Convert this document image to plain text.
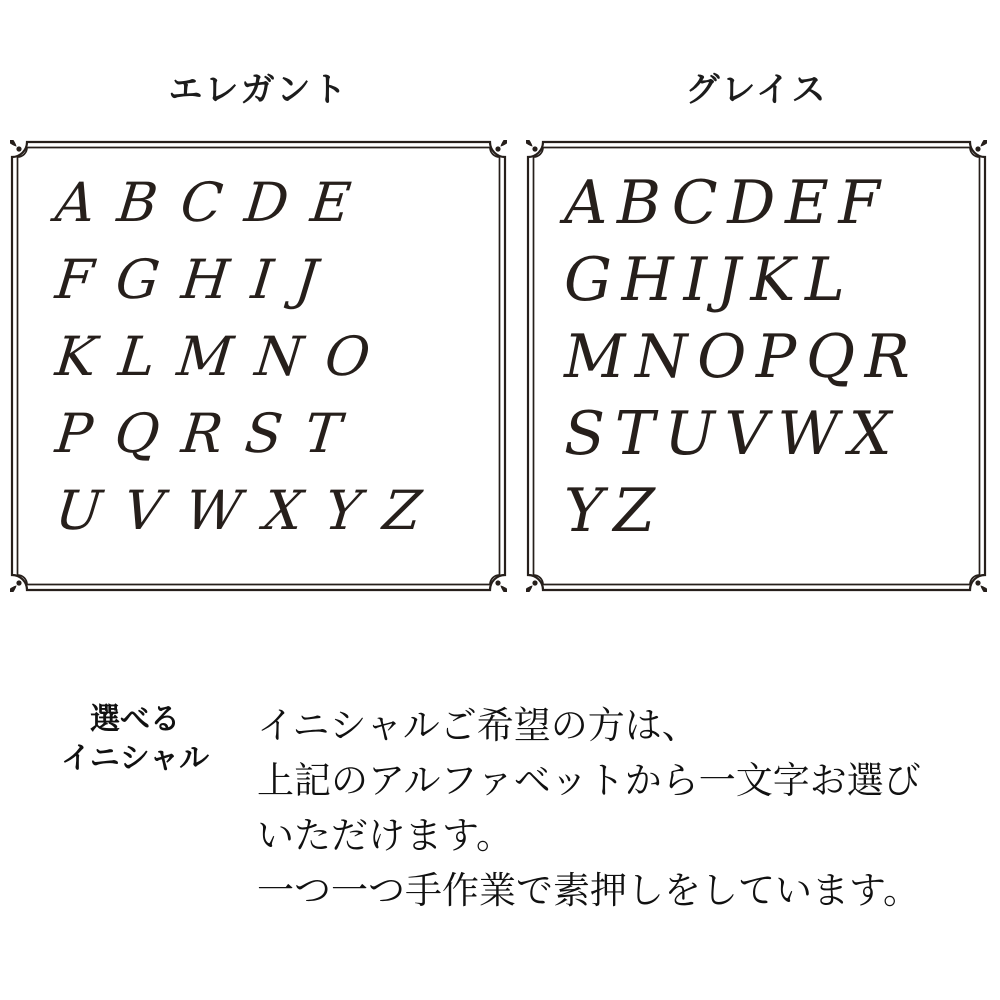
エレガント	グレイス
ABCDE
FGHIJ
KLMNO
PQRST
UVWXYZ
ABCDEF
GHIJKL
MNOPQR
STUVWX
YZ
選べる
イニシャル

イニシャルご希望の方は、

上記のアルファベットから一文字お選び

いただけます。

一つ一つ手作業で素押しをしています。
